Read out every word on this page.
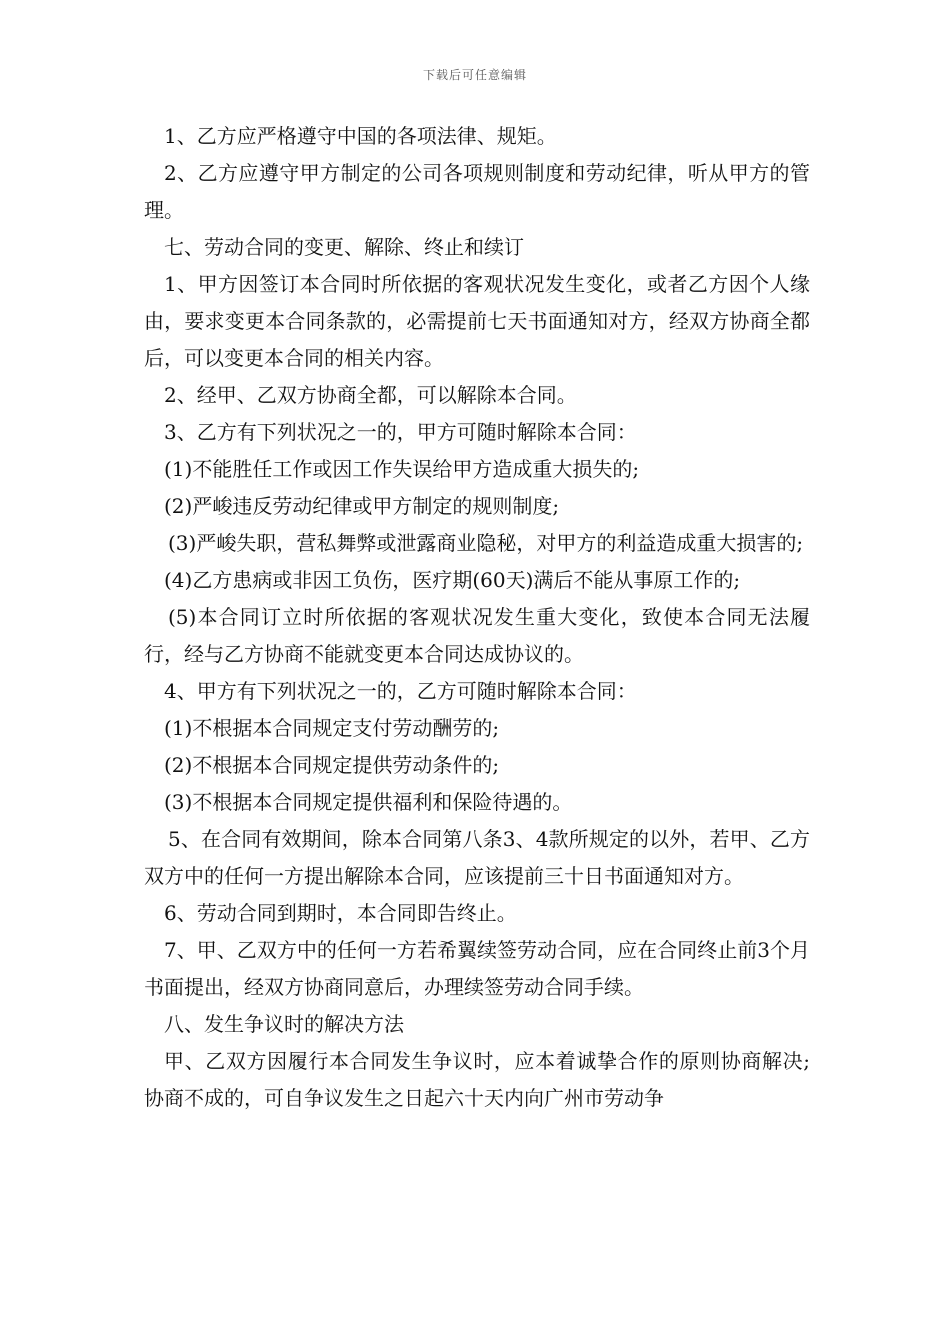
下载后可任意编辑

1、乙方应严格遵守中国的各项法律、规矩。

2、乙方应遵守甲方制定的公司各项规则制度和劳动纪律，听从甲方的管理。

七、劳动合同的变更、解除、终止和续订

1、甲方因签订本合同时所依据的客观状况发生变化，或者乙方因个人缘由，要求变更本合同条款的，必需提前七天书面通知对方，经双方协商全都后，可以变更本合同的相关内容。

2、经甲、乙双方协商全都，可以解除本合同。

3、乙方有下列状况之一的，甲方可随时解除本合同：

(1)不能胜任工作或因工作失误给甲方造成重大损失的;

(2)严峻违反劳动纪律或甲方制定的规则制度;

(3)严峻失职，营私舞弊或泄露商业隐秘，对甲方的利益造成重大损害的;

(4)乙方患病或非因工负伤，医疗期(60天)满后不能从事原工作的;

(5)本合同订立时所依据的客观状况发生重大变化，致使本合同无法履行，经与乙方协商不能就变更本合同达成协议的。

4、甲方有下列状况之一的，乙方可随时解除本合同：

(1)不根据本合同规定支付劳动酬劳的;

(2)不根据本合同规定提供劳动条件的;

(3)不根据本合同规定提供福利和保险待遇的。

5、在合同有效期间，除本合同第八条3、4款所规定的以外，若甲、乙方双方中的任何一方提出解除本合同，应该提前三十日书面通知对方。

6、劳动合同到期时，本合同即告终止。

7、甲、乙双方中的任何一方若希翼续签劳动合同，应在合同终止前3个月书面提出，经双方协商同意后，办理续签劳动合同手续。

八、发生争议时的解决方法

甲、乙双方因履行本合同发生争议时，应本着诚挚合作的原则协商解决;协商不成的，可自争议发生之日起六十天内向广州市劳动争
